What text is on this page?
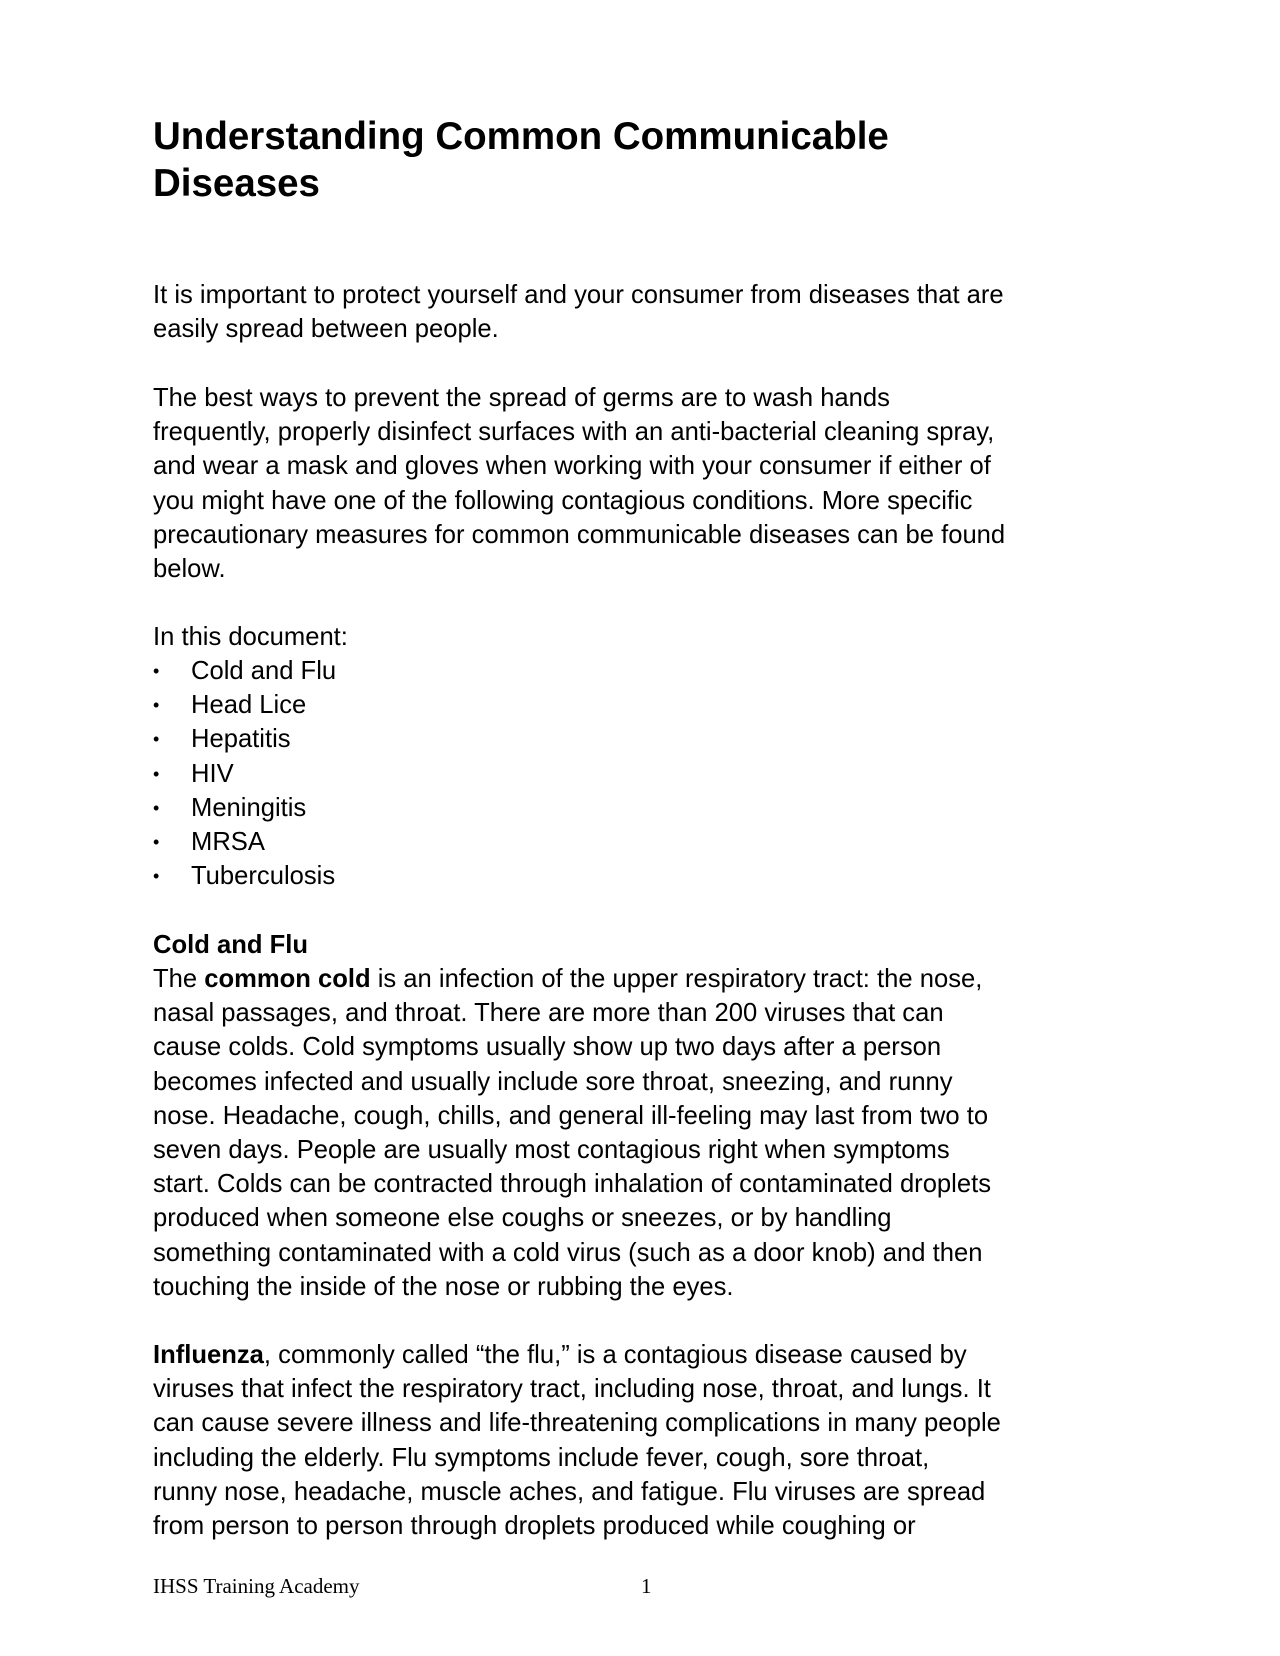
Understanding Common Communicable
Diseases

It is important to protect yourself and your consumer from diseases that are
easily spread between people.

The best ways to prevent the spread of germs are to wash hands
frequently, properly disinfect surfaces with an anti-bacterial cleaning spray,
and wear a mask and gloves when working with your consumer if either of
you might have one of the following contagious conditions. More specific
precautionary measures for common communicable diseases can be found
below.

In this document:

•	Cold and Flu
•	Head Lice
•	Hepatitis
•	HIV
•	Meningitis
•	MRSA
•	Tuberculosis
Cold and Flu

The common cold is an infection of the upper respiratory tract: the nose,
nasal passages, and throat. There are more than 200 viruses that can
cause colds. Cold symptoms usually show up two days after a person
becomes infected and usually include sore throat, sneezing, and runny
nose. Headache, cough, chills, and general ill-feeling may last from two to
seven days. People are usually most contagious right when symptoms
start. Colds can be contracted through inhalation of contaminated droplets
produced when someone else coughs or sneezes, or by handling
something contaminated with a cold virus (such as a door knob) and then
touching the inside of the nose or rubbing the eyes.

Influenza, commonly called “the flu,” is a contagious disease caused by
viruses that infect the respiratory tract, including nose, throat, and lungs. It
can cause severe illness and life-threatening complications in many people
including the elderly. Flu symptoms include fever, cough, sore throat,
runny nose, headache, muscle aches, and fatigue. Flu viruses are spread
from person to person through droplets produced while coughing or

IHSS Training Academy	1
